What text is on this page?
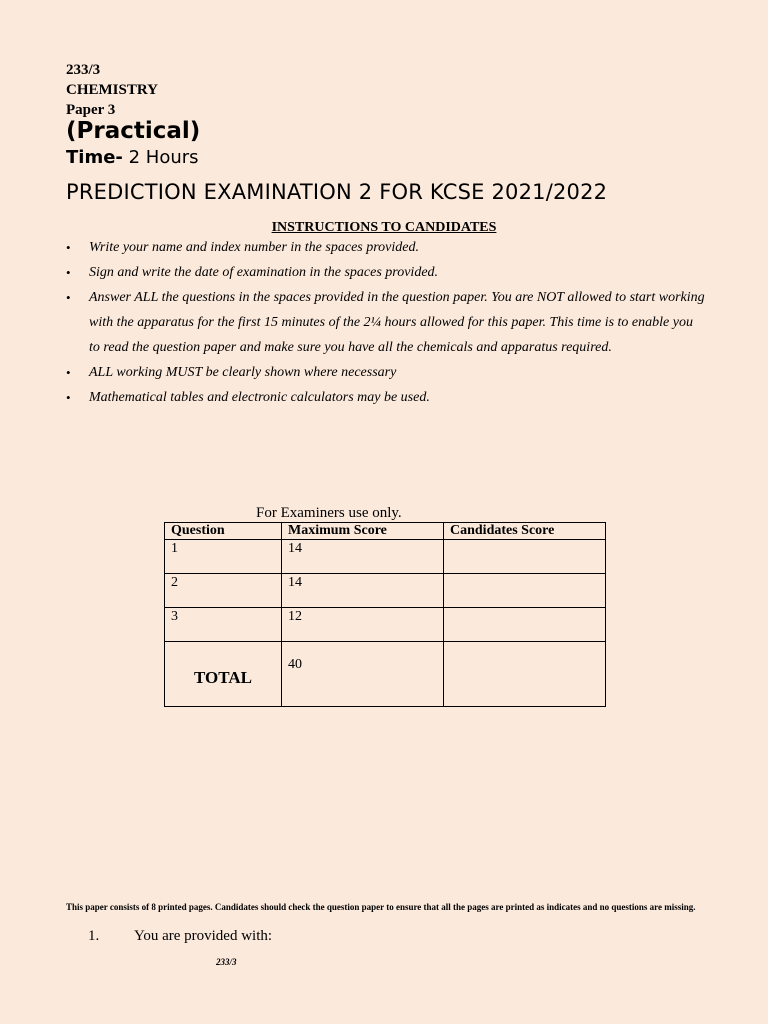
233/3
CHEMISTRY
Paper 3
(Practical)
Time- 2 Hours
PREDICTION EXAMINATION 2 FOR KCSE 2021/2022
INSTRUCTIONS TO CANDIDATES
• Write your name and index number in the spaces provided.
• Sign and write the date of examination in the spaces provided.
• Answer ALL the questions in the spaces provided in the question paper. You are NOT allowed to start working with the apparatus for the first 15 minutes of the 2¼ hours allowed for this paper. This time is to enable you to read the question paper and make sure you have all the chemicals and apparatus required.
• ALL working MUST be clearly shown where necessary
• Mathematical tables and electronic calculators may be used.
For Examiners use only.
Question	Maximum Score	Candidates Score
1	14	
2	14	
3	12	
TOTAL	40	
This paper consists of 8 printed pages. Candidates should check the question paper to ensure that all the pages are printed as indicates and no questions are missing.
1. You are provided with:
233/3
